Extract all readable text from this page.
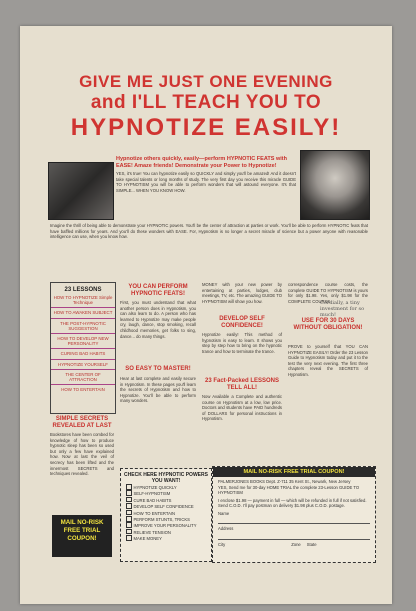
GIVE ME JUST ONE EVENING
and I'LL TEACH YOU TO
HYPNOTIZE EASILY!
Hypnotize others quickly, easily—perform HYPNOTIC FEATS with EASE! Amaze friends! Demonstrate your Power to Hypnotize!
YES, it's true! You can hypnotize easily so QUICKLY and simply you'll be amazed! And it doesn't take special talents or long months of study. The very first day you receive this miracle GUIDE TO HYPNOTISM you will be able to perform wonders that will astound everyone. It's that SIMPLE... WHEN YOU KNOW HOW.
Imagine the thrill of being able to demonstrate your HYPNOTIC powers. You'll be the center of attraction at parties or work. You'll be able to perform HYPNOTIC feats that have baffled millions for years. And you'll do these wonders with EASE. For, Hypnotism is no longer a secret miracle of science but a power anyone with reasonable intelligence can use, when you know how.
23 LESSONS
HOW TO HYPNOTIZE Simple Technique
HOW TO AWAKEN SUBJECT
THE POST-HYPNOTIC SUGGESTION
HOW TO DEVELOP NEW PERSONALITY
CURING BAD HABITS
HYPNOTIZE YOURSELF
THE CENTER OF ATTRACTION
HOW TO ENTERTAIN
SIMPLE SECRETS REVEALED AT LAST
Bookstores have been combed for knowledge of how to produce hypnotic sleep has been so used but only a few have explained how. Now at last the veil of secrecy has been lifted and the innermost SECRETS and techniques revealed.
YOU CAN PERFORM HYPNOTIC FEATS!
First, you must understand that what another person does in Hypnotism, you can also learn to do. A person who has learned to Hypnotize may make people cry, laugh, dance, stop smoking, recall childhood memories, get folks to sing, dance... do many things.
SO EASY TO MASTER!
Hear at last complete and easily secure in Hypnotism. In these pages you'll learn the secrets of Hypnotism and how to Hypnotize. You'll be able to perform many wonders.
MONEY with your new power by entertaining at parties, lodges, club meetings, TV, etc. The amazing GUIDE TO HYPNOTISM will show you how.
DEVELOP SELF CONFIDENCE!
Hypnotize easily! This method of hypnotism is easy to learn. It shows you step by step how to bring on the hypnotic trance and how to terminate the trance.
23 Fact-Packed LESSONS TELL ALL!
Now Available a Complete and authentic course on Hypnotism at a low, low price. Doctors and students have PAID hundreds of DOLLARS for personal instructions in Hypnotism.
correspondence course costs, the complete GUIDE TO HYPNOTISM is yours for only $1.98. Yes, only $1.98 for the COMPLETE COURSE.
Cordially, a tiny investment for so much!
USE FOR 30 DAYS WITHOUT OBLIGATION!
PROVE to yourself that YOU CAN HYPNOTIZE EASILY! Order the 23 Lesson Guide to Hypnotism today and put it to the test the very next evening. The first three chapters reveal the SECRETS of Hypnotism.
MAIL NO-RISK
FREE TRIAL
COUPON!
CHECK HERE HYPNOTIC POWERS YOU WANT!
HYPNOTIZE QUICKLY
SELF-HYPNOTISM
CURE BAD HABITS
DEVELOP SELF CONFIDENCE
HOW TO ENTERTAIN
PERFORM STUNTS, TRICKS
IMPROVE YOUR PERSONALITY
RELIEVE TENSION
MAKE MONEY
MAIL NO-RISK FREE TRIAL COUPON!
PALMERJONES BOOKS Dept. Z-711 35 Kent St., Newark, New Jersey
YES, Send me for 30-day HOME TRIAL the complete 23-Lesson GUIDE TO HYPNOTISM
I enclose $1.98 — payment in full — which will be refunded in full if not satisfied.
Send C.O.D. I'll pay postman on delivery $1.98 plus C.O.D. postage.
Name
Address
City	Zone State
